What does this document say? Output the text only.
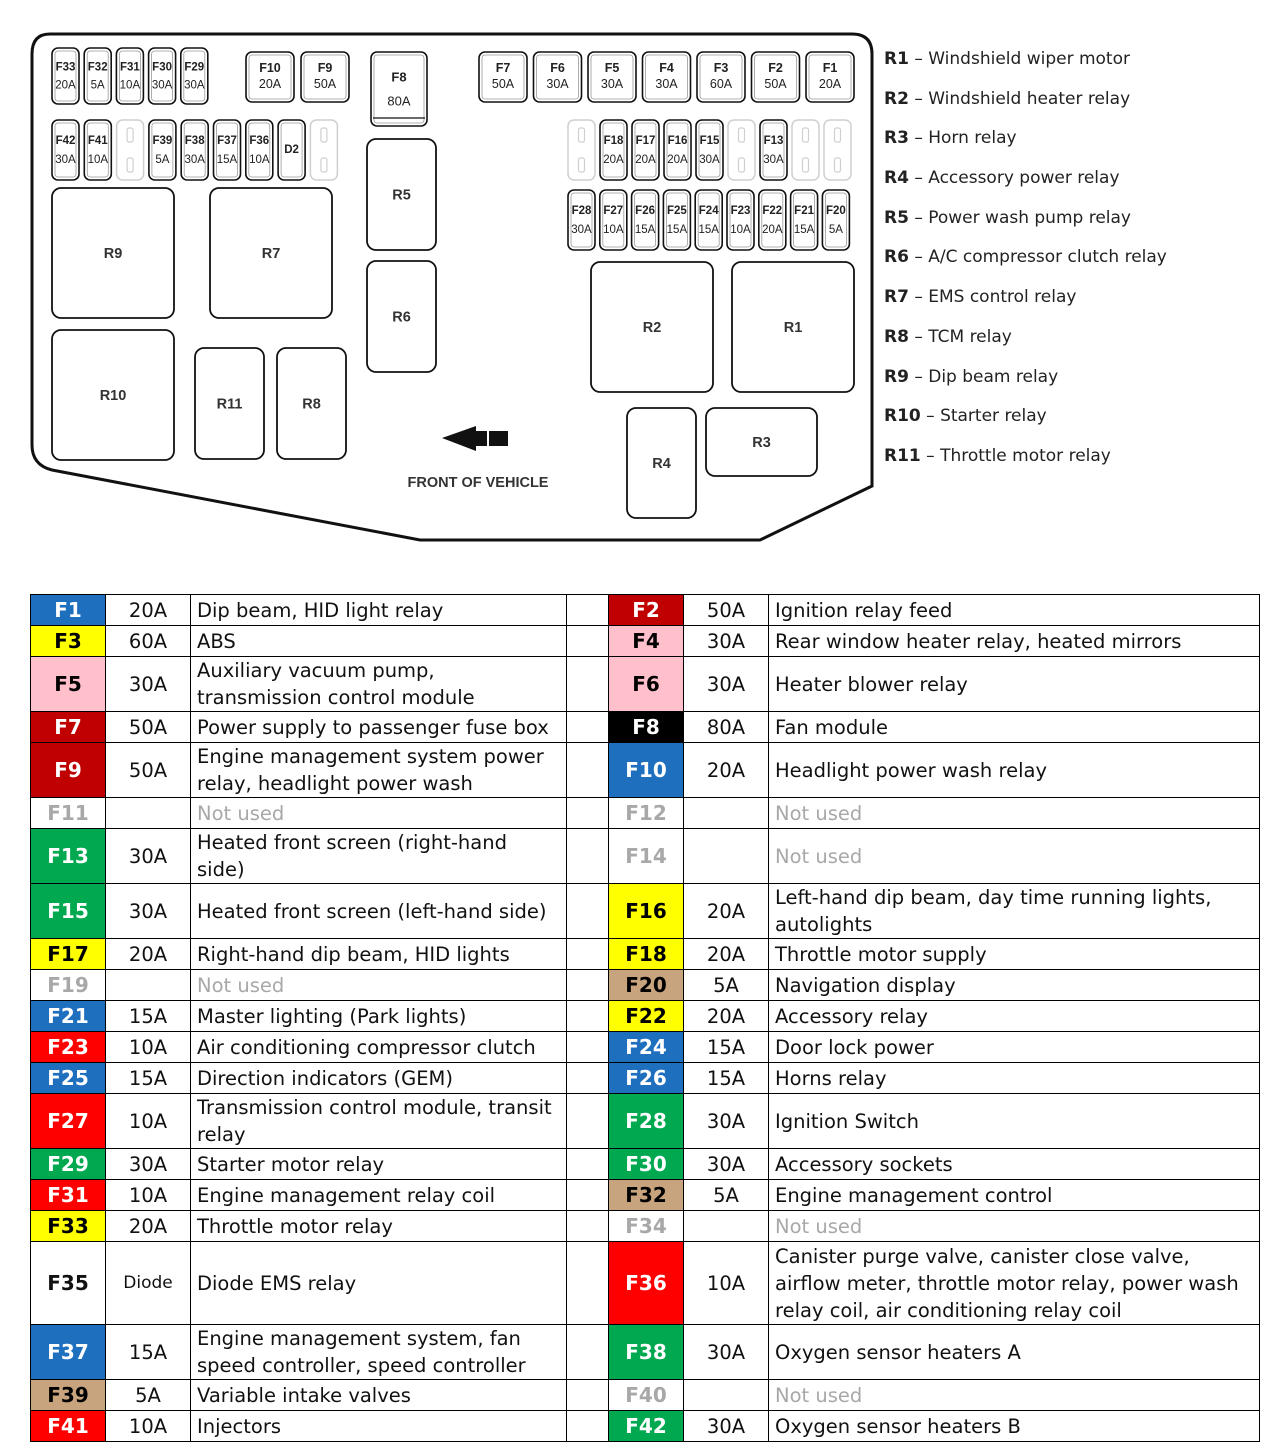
F33
20A
F32
5A
F31
10A
F30
30A
F29
30A
F10
20A
F9
50A	F8
80A
F7
50A
F6
30A
F5
30A
F4
30A
F3
60A
F2
50A
F1
20A
F42
30A
F41
10A
F39
5A
F38
30A
F37
15A
F36
10A
D2
F18
20A
F17
20A
F16
20A
F15
30A
F13
30A
F28
30A
F27
10A
F26
15A
F25
15A
F24
15A
F23
10A
F22
20A
F21
15A
F20
5A
R9	R7
R5
R6
R2	R1
R10
R11	R8
R4
R3
FRONT OF VEHICLE
R1 – Windshield wiper motor
R2 – Windshield heater relay
R3 – Horn relay
R4 – Accessory power relay
R5 – Power wash pump relay
R6 – A/C compressor clutch relay
R7 – EMS control relay
R8 – TCM relay
R9 – Dip beam relay
R10 – Starter relay
R11 – Throttle motor relay
F1	20A	Dip beam, HID light relay		F2	50A	Ignition relay feed
F3	60A	ABS		F4	30A	Rear window heater relay, heated mirrors
F5	30A	Auxiliary vacuum pump, transmission control module		F6	30A	Heater blower relay
F7	50A	Power supply to passenger fuse box		F8	80A	Fan module
F9	50A	Engine management system power relay, headlight power wash		F10	20A	Headlight power wash relay
F11		Not used		F12		Not used
F13	30A	Heated front screen (right-hand side)		F14		Not used
F15	30A	Heated front screen (left-hand side)		F16	20A	Left-hand dip beam, day time running lights, autolights
F17	20A	Right-hand dip beam, HID lights		F18	20A	Throttle motor supply
F19		Not used		F20	5A	Navigation display
F21	15A	Master lighting (Park lights)		F22	20A	Accessory relay
F23	10A	Air conditioning compressor clutch		F24	15A	Door lock power
F25	15A	Direction indicators (GEM)		F26	15A	Horns relay
F27	10A	Transmission control module, transit relay		F28	30A	Ignition Switch
F29	30A	Starter motor relay		F30	30A	Accessory sockets
F31	10A	Engine management relay coil		F32	5A	Engine management control
F33	20A	Throttle motor relay		F34		Not used
F35	Diode	Diode EMS relay		F36	10A	Canister purge valve, canister close valve, airflow meter, throttle motor relay, power wash relay coil, air conditioning relay coil
F37	15A	Engine management system, fan speed controller, speed controller		F38	30A	Oxygen sensor heaters A
F39	5A	Variable intake valves		F40		Not used
F41	10A	Injectors		F42	30A	Oxygen sensor heaters B
